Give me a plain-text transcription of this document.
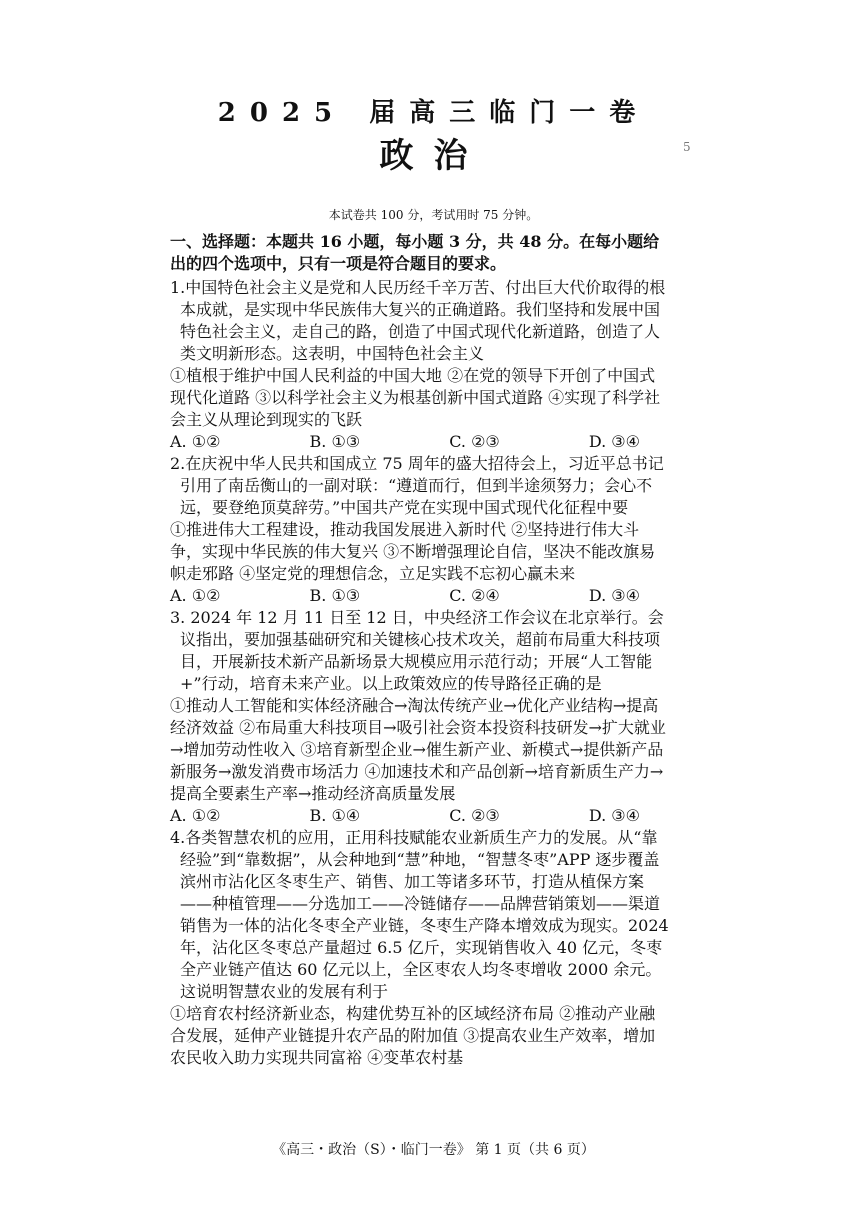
2025 届高三临门一卷
政治	5
本试卷共 100 分，考试用时 75 分钟。
一、选择题：本题共 16 小题，每小题 3 分，共 48 分。在每小题给出的四个选项中，只有一项是符合题目的要求。

1.中国特色社会主义是党和人民历经千辛万苦、付出巨大代价取得的根本成就，是实现中华民族伟大复兴的正确道路。我们坚持和发展中国特色社会主义，走自己的路，创造了中国式现代化新道路，创造了人类文明新形态。这表明，中国特色社会主义

①植根于维护中国人民利益的中国大地 ②在党的领导下开创了中国式现代化道路 ③以科学社会主义为根基创新中国式道路 ④实现了科学社会主义从理论到现实的飞跃

A. ①②	B. ①③	C. ②③	D. ③④

2.在庆祝中华人民共和国成立 75 周年的盛大招待会上，习近平总书记引用了南岳衡山的一副对联：“遵道而行，但到半途须努力；会心不远，要登绝顶莫辞劳。”中国共产党在实现中国式现代化征程中要

①推进伟大工程建设，推动我国发展进入新时代 ②坚持进行伟大斗争，实现中华民族的伟大复兴 ③不断增强理论自信，坚决不能改旗易帜走邪路 ④坚定党的理想信念，立足实践不忘初心赢未来

A. ①②	B. ①③	C. ②④	D. ③④

3. 2024 年 12 月 11 日至 12 日，中央经济工作会议在北京举行。会议指出，要加强基础研究和关键核心技术攻关，超前布局重大科技项目，开展新技术新产品新场景大规模应用示范行动；开展“人工智能+”行动，培育未来产业。以上政策效应的传导路径正确的是

①推动人工智能和实体经济融合→淘汰传统产业→优化产业结构→提高经济效益 ②布局重大科技项目→吸引社会资本投资科技研发→扩大就业→增加劳动性收入 ③培育新型企业→催生新产业、新模式→提供新产品新服务→激发消费市场活力 ④加速技术和产品创新→培育新质生产力→提高全要素生产率→推动经济高质量发展

A. ①②	B. ①④	C. ②③	D. ③④

4.各类智慧农机的应用，正用科技赋能农业新质生产力的发展。从“靠经验”到“靠数据”，从会种地到“慧”种地，“智慧冬枣”APP 逐步覆盖滨州市沾化区冬枣生产、销售、加工等诸多环节，打造从植保方案——种植管理——分选加工——冷链储存——品牌营销策划——渠道销售为一体的沾化冬枣全产业链，冬枣生产降本增效成为现实。2024 年，沾化区冬枣总产量超过 6.5 亿斤，实现销售收入 40 亿元，冬枣全产业链产值达 60 亿元以上，全区枣农人均冬枣增收 2000 余元。这说明智慧农业的发展有利于

①培育农村经济新业态，构建优势互补的区域经济布局 ②推动产业融合发展，延伸产业链提升农产品的附加值 ③提高农业生产效率，增加农民收入助力实现共同富裕 ④变革农村基

《高三・政治（S）・临门一卷》 第 1 页（共 6 页）
